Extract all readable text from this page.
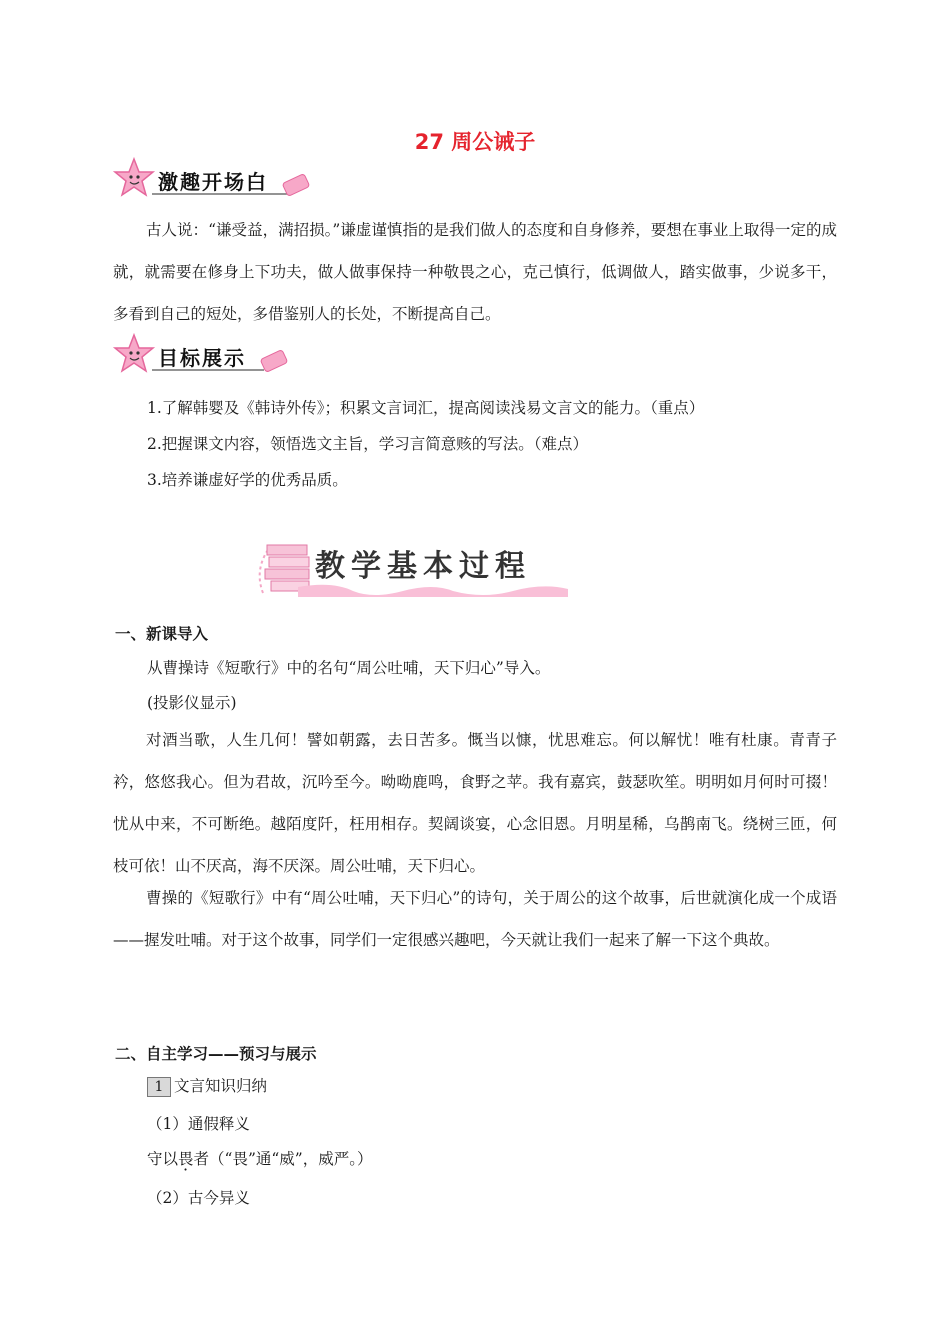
27 周公诫子
激趣开场白
古人说：“谦受益，满招损。”谦虚谨慎指的是我们做人的态度和自身修养，要想在事业上取得一定的成就，就需要在修身上下功夫，做人做事保持一种敬畏之心，克己慎行，低调做人，踏实做事，少说多干，多看到自己的短处，多借鉴别人的长处，不断提高自己。
目标展示
1.了解韩婴及《韩诗外传》；积累文言词汇，提高阅读浅易文言文的能力。（重点）
2.把握课文内容，领悟选文主旨，学习言简意赅的写法。（难点）
3.培养谦虚好学的优秀品质。
教学基本过程
一、新课导入
从曹操诗《短歌行》中的名句“周公吐哺，天下归心”导入。
(投影仪显示)
对酒当歌，人生几何！譬如朝露，去日苦多。慨当以慷，忧思难忘。何以解忧！唯有杜康。青青子衿，悠悠我心。但为君故，沉吟至今。呦呦鹿鸣，食野之苹。我有嘉宾，鼓瑟吹笙。明明如月何时可掇！忧从中来，不可断绝。越陌度阡，枉用相存。契阔谈宴，心念旧恩。月明星稀，乌鹊南飞。绕树三匝，何枝可依！山不厌高，海不厌深。周公吐哺，天下归心。
曹操的《短歌行》中有“周公吐哺，天下归心”的诗句，关于周公的这个故事，后世就演化成一个成语——握发吐哺。对于这个故事，同学们一定很感兴趣吧，今天就让我们一起来了解一下这个典故。
二、自主学习——预习与展示
1 文言知识归纳
（1）通假释义
守以畏者（“畏”通“威”，威严。）
（2）古今异义
